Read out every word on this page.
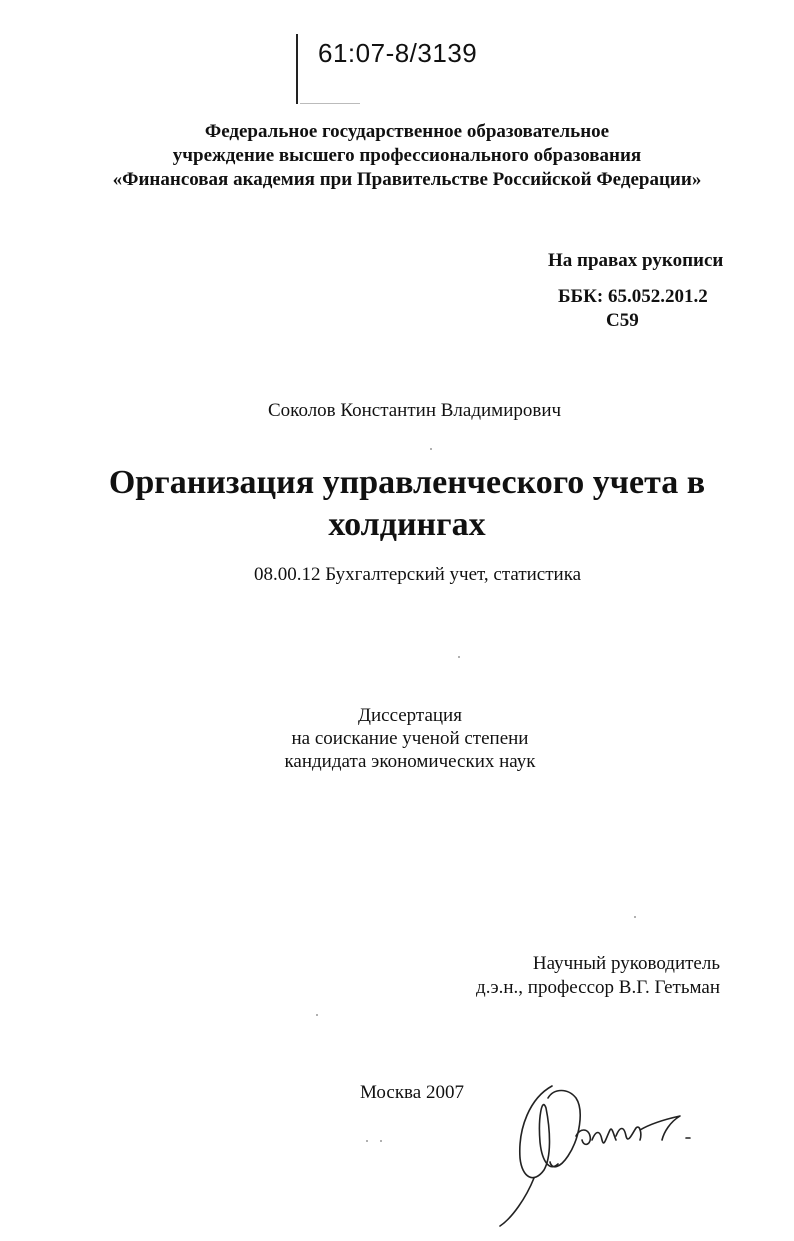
61:07-8/3139
Федеральное государственное образовательное
учреждение высшего профессионального образования
«Финансовая академия при Правительстве Российской Федерации»
На правах рукописи
ББК: 65.052.201.2
С59
Соколов Константин Владимирович
Организация управленческого учета в
холдингах
08.00.12 Бухгалтерский учет, статистика
Диссертация
на соискание ученой степени
кандидата экономических наук
Научный руководитель
д.э.н., профессор В.Г. Гетьман
Москва 2007
